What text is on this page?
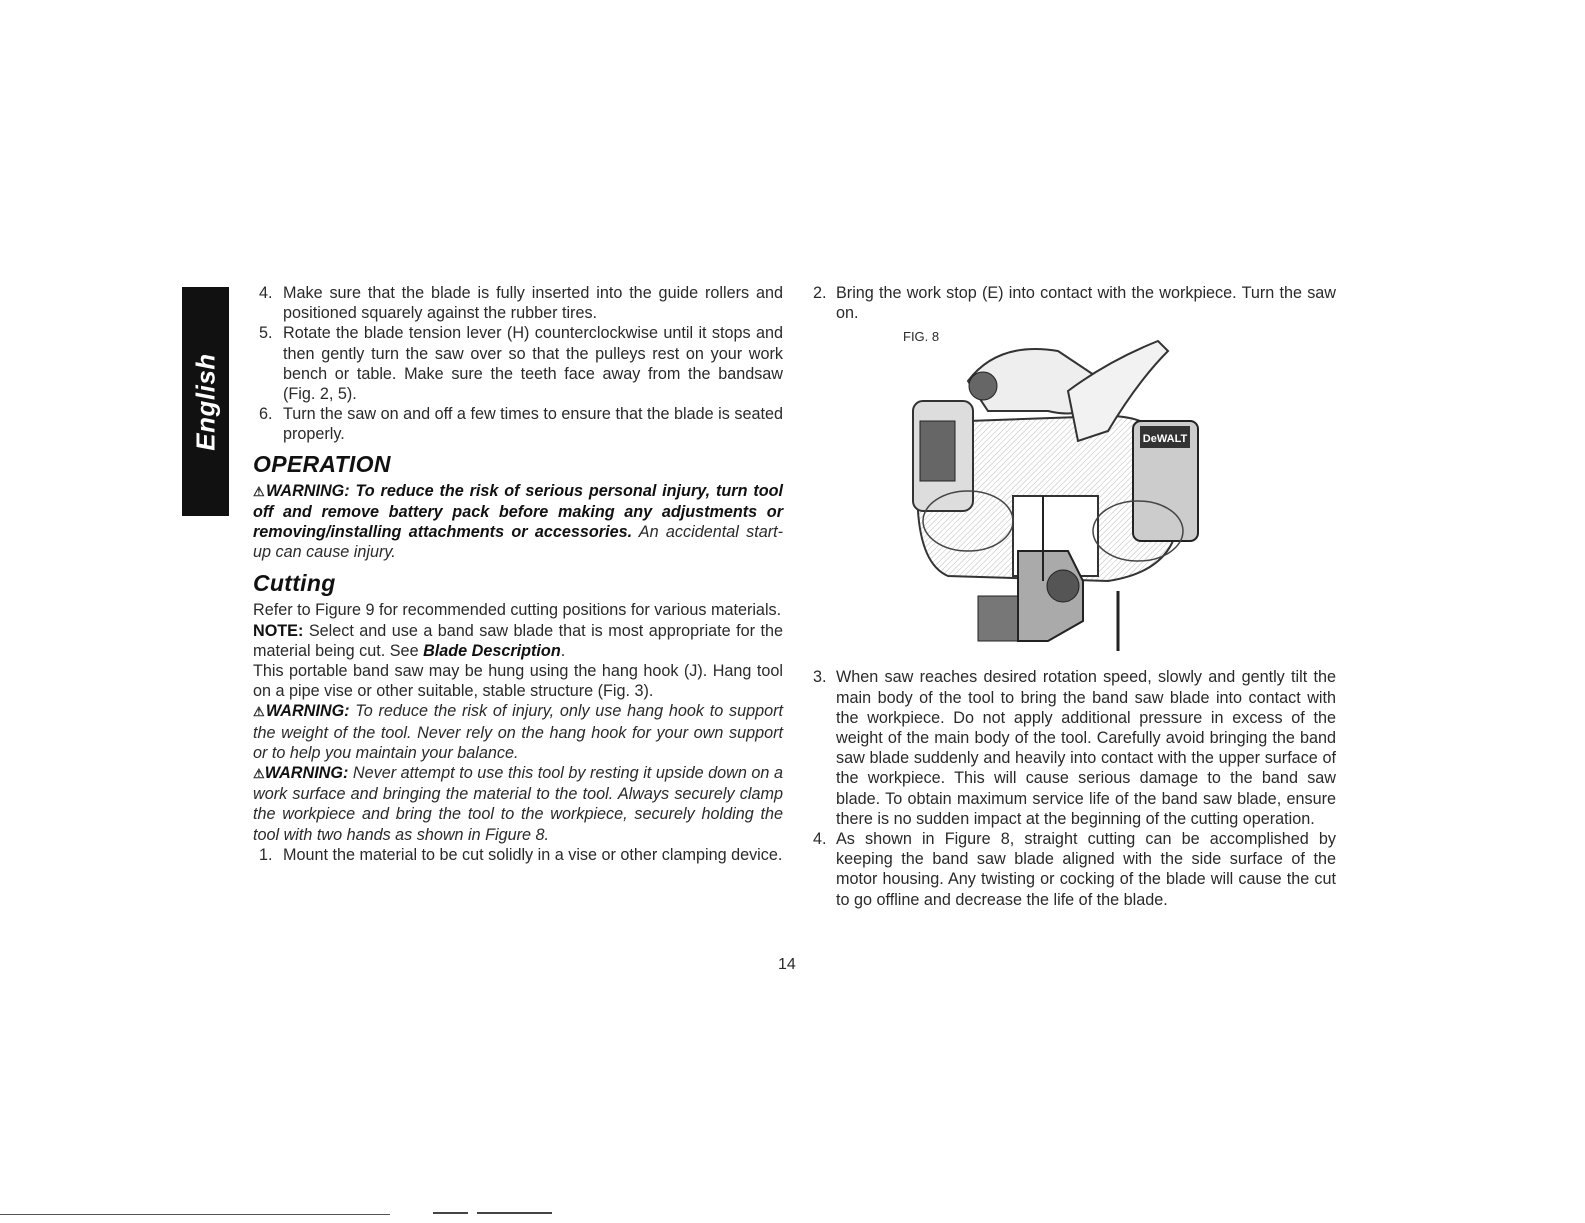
English
4. Make sure that the blade is fully inserted into the guide rollers and positioned squarely against the rubber tires.
5. Rotate the blade tension lever (H) counterclockwise until it stops and then gently turn the saw over so that the pulleys rest on your work bench or table. Make sure the teeth face away from the bandsaw (Fig. 2, 5).
6. Turn the saw on and off a few times to ensure that the blade is seated properly.
OPERATION

⚠WARNING: To reduce the risk of serious personal injury, turn tool off and remove battery pack before making any adjustments or removing/installing attachments or accessories. An accidental start-up can cause injury.

Cutting

Refer to Figure 9 for recommended cutting positions for various materials.

NOTE: Select and use a band saw blade that is most appropriate for the material being cut. See Blade Description.

This portable band saw may be hung using the hang hook (J). Hang tool on a pipe vise or other suitable, stable structure (Fig. 3).

⚠WARNING: To reduce the risk of injury, only use hang hook to support the weight of the tool. Never rely on the hang hook for your own support or to help you maintain your balance.

⚠WARNING: Never attempt to use this tool by resting it upside down on a work surface and bringing the material to the tool. Always securely clamp the workpiece and bring the tool to the workpiece, securely holding the tool with two hands as shown in Figure 8.

1. Mount the material to be cut solidly in a vise or other clamping device.
2. Bring the work stop (E) into contact with the workpiece. Turn the saw on.
FIG. 8
DeWALT
3. When saw reaches desired rotation speed, slowly and gently tilt the main body of the tool to bring the band saw blade into contact with the workpiece. Do not apply additional pressure in excess of the weight of the main body of the tool. Carefully avoid bringing the band saw blade suddenly and heavily into contact with the upper surface of the workpiece. This will cause serious damage to the band saw blade. To obtain maximum service life of the band saw blade, ensure there is no sudden impact at the beginning of the cutting operation.
4. As shown in Figure 8, straight cutting can be accomplished by keeping the band saw blade aligned with the side surface of the motor housing. Any twisting or cocking of the blade will cause the cut to go offline and decrease the life of the blade.
14
